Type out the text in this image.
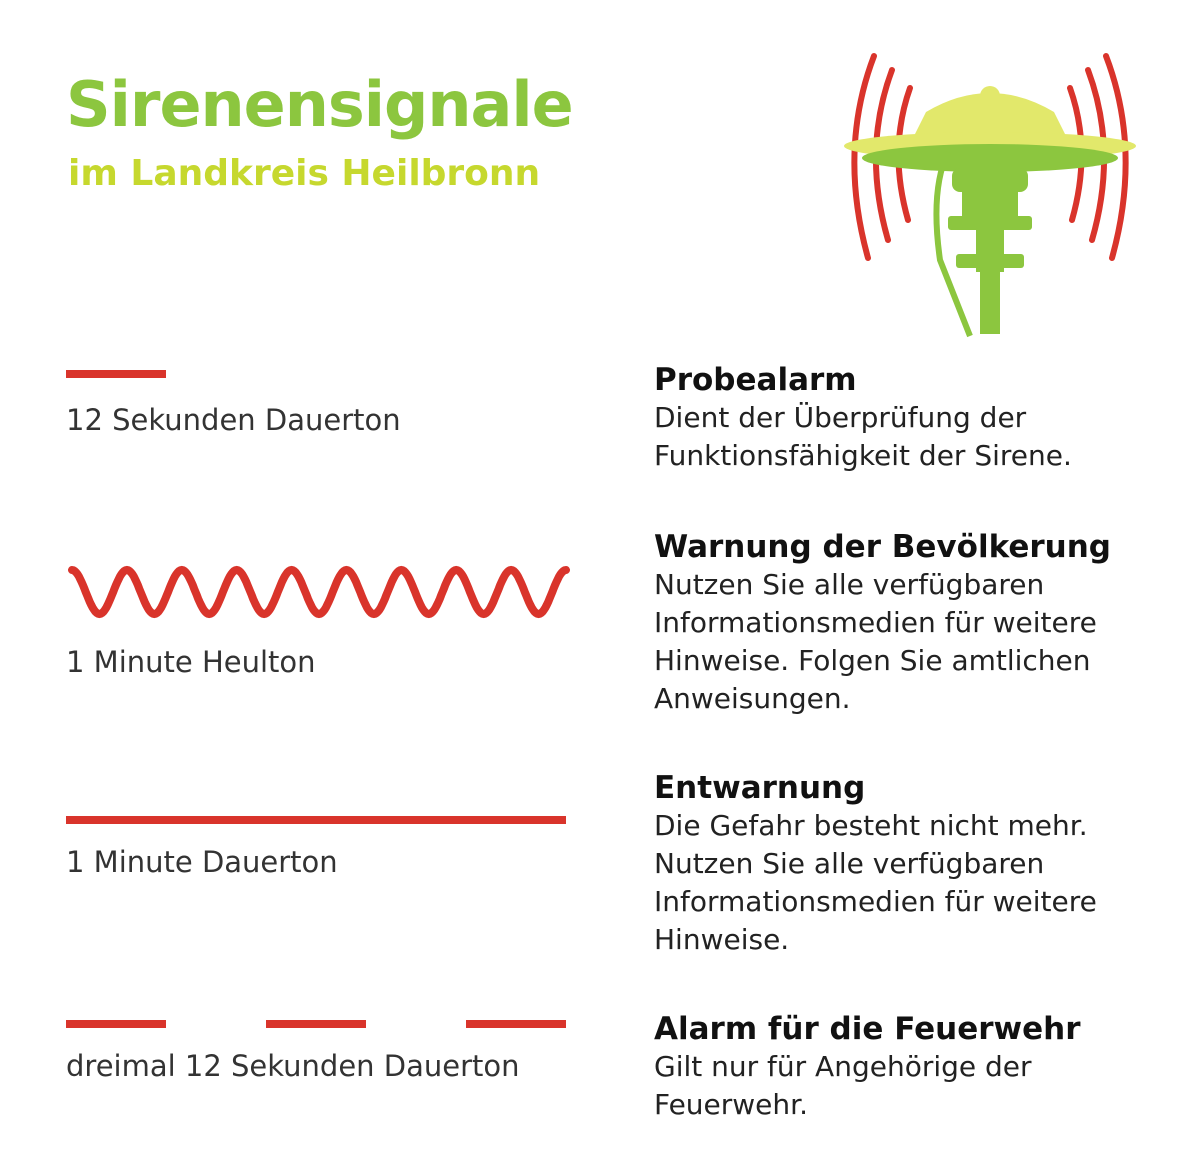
Sirenensignale
im Landkreis Heilbronn
12 Sekunden Dauerton
Probealarm
Dient der Überprüfung der
Funktionsfähigkeit der Sirene.
1 Minute Heulton
Warnung der Bevölkerung
Nutzen Sie alle verfügbaren
Informationsmedien für weitere
Hinweise. Folgen Sie amtlichen
Anweisungen.
1 Minute Dauerton
Entwarnung
Die Gefahr besteht nicht mehr.
Nutzen Sie alle verfügbaren
Informationsmedien für weitere
Hinweise.
dreimal 12 Sekunden Dauerton
Alarm für die Feuerwehr
Gilt nur für Angehörige der
Feuerwehr.
